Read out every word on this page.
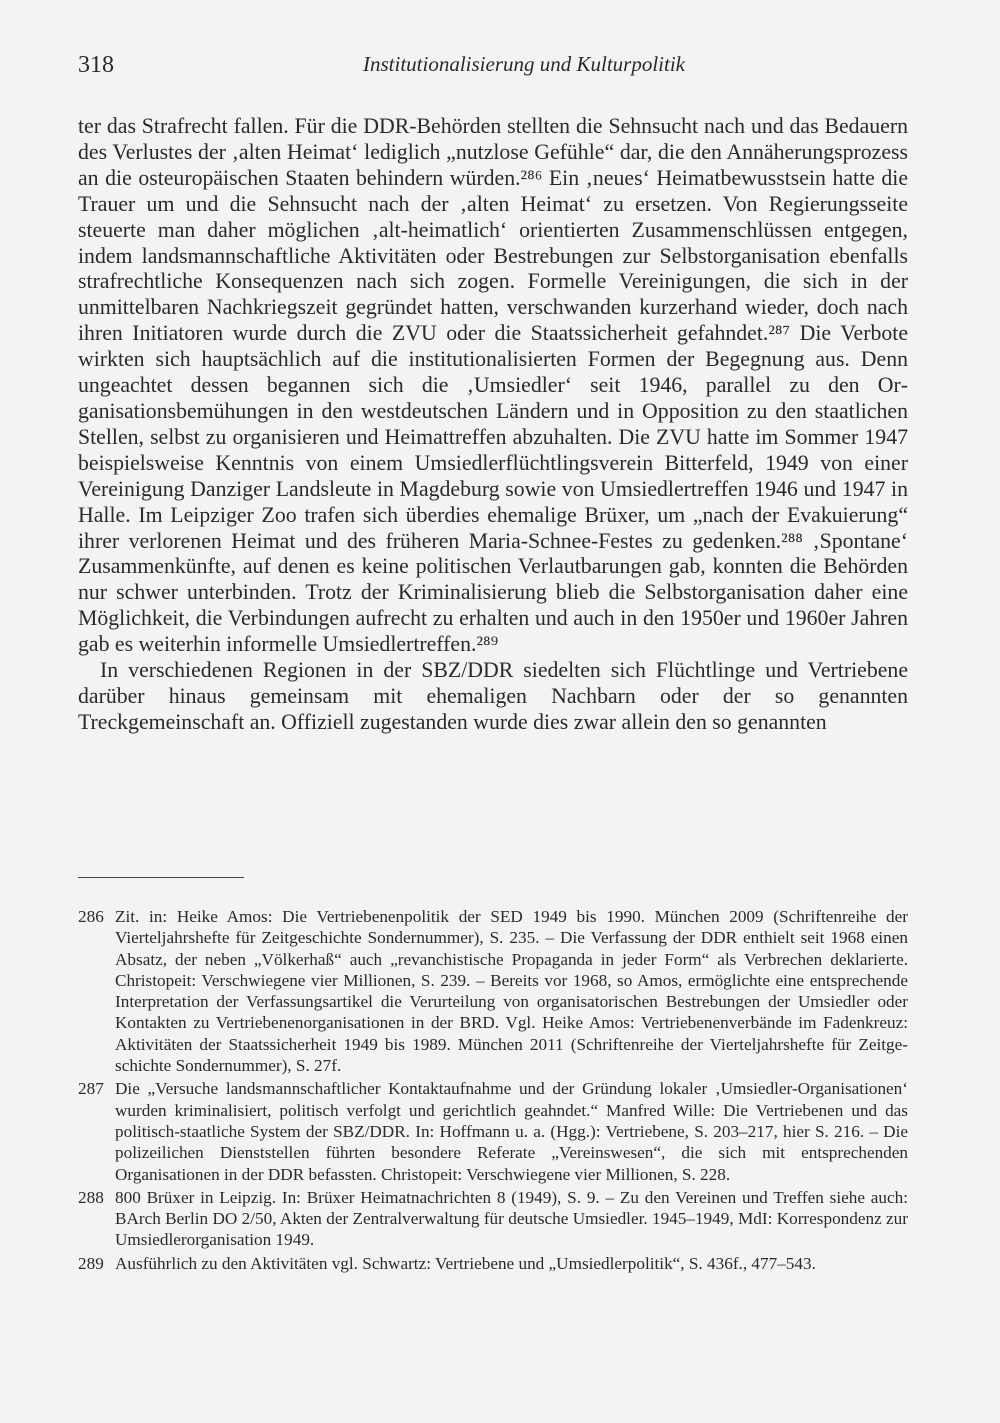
318	Institutionalisierung und Kulturpolitik

ter das Strafrecht fallen. Für die DDR-Behörden stellten die Sehnsucht nach und das Bedauern des Verlustes der ‚alten Heimat‘ lediglich „nutzlose Gefühle“ dar, die den Annäherungsprozess an die osteuropäischen Staaten behindern würden.²⁸⁶ Ein ‚neues‘ Heimatbewusstsein hatte die Trauer um und die Sehnsucht nach der ‚alten Heimat‘ zu ersetzen. Von Regierungsseite steuerte man daher möglichen ‚alt-heimatlich‘ orientierten Zusammenschlüssen entgegen, indem landsmannschaftliche Aktivitäten oder Bestrebungen zur Selbstorganisation ebenfalls strafrechtliche Konsequenzen nach sich zogen. Formelle Vereinigungen, die sich in der unmittelbaren Nachkriegszeit gegründet hatten, verschwanden kurzerhand wieder, doch nach ihren Initiatoren wurde durch die ZVU oder die Staatssicherheit gefahndet.²⁸⁷ Die Verbote wirkten sich hauptsächlich auf die institutionalisierten Formen der Begegnung aus. Denn ungeachtet dessen begannen sich die ‚Umsiedler‘ seit 1946, parallel zu den Organisationsbemühungen in den westdeutschen Ländern und in Opposition zu den staatlichen Stellen, selbst zu organisieren und Heimattreffen abzuhalten. Die ZVU hatte im Sommer 1947 beispielsweise Kenntnis von einem Umsiedlerflüchtlingsverein Bitterfeld, 1949 von einer Vereinigung Danziger Landsleute in Magdeburg sowie von Umsiedlertreffen 1946 und 1947 in Halle. Im Leipziger Zoo trafen sich überdies ehemalige Brüxer, um „nach der Evakuierung“ ihrer verlorenen Heimat und des früheren Maria-Schnee-Festes zu gedenken.²⁸⁸ ‚Spontane‘ Zusammenkünfte, auf denen es keine politischen Verlautbarungen gab, konnten die Behörden nur schwer unterbinden. Trotz der Kriminalisierung blieb die Selbstorganisation daher eine Möglichkeit, die Verbindungen aufrecht zu erhalten und auch in den 1950er und 1960er Jahren gab es weiterhin informelle Umsiedlertreffen.²⁸⁹

In verschiedenen Regionen in der SBZ/DDR siedelten sich Flüchtlinge und Vertriebene darüber hinaus gemeinsam mit ehemaligen Nachbarn oder der so genannten Treckgemeinschaft an. Offiziell zugestanden wurde dies zwar allein den so genannten

286 Zit. in: Heike Amos: Die Vertriebenenpolitik der SED 1949 bis 1990. München 2009 (Schriftenreihe der Vierteljahrshefte für Zeitgeschichte Sondernummer), S. 235. – Die Verfassung der DDR enthielt seit 1968 einen Absatz, der neben „Völkerhaß“ auch „revanchistische Propaganda in jeder Form“ als Verbrechen deklarierte. Christopeit: Verschwiegene vier Millionen, S. 239. – Bereits vor 1968, so Amos, ermöglichte eine entsprechende Interpretation der Verfassungsartikel die Verurteilung von organisatorischen Bestrebungen der Umsiedler oder Kontakten zu Vertriebenenorganisationen in der BRD. Vgl. Heike Amos: Vertriebenenverbände im Fadenkreuz: Aktivitäten der Staatssicherheit 1949 bis 1989. München 2011 (Schriftenreihe der Vierteljahrshefte für Zeitgeschichte Sondernummer), S. 27f.
287 Die „Versuche landsmannschaftlicher Kontaktaufnahme und der Gründung lokaler ‚Umsiedler-Organisationen‘ wurden kriminalisiert, politisch verfolgt und gerichtlich geahndet.“ Manfred Wille: Die Vertriebenen und das politisch-staatliche System der SBZ/DDR. In: Hoffmann u. a. (Hgg.): Vertriebene, S. 203–217, hier S. 216. – Die polizeilichen Dienststellen führten besondere Referate „Vereinswesen“, die sich mit entsprechenden Organisationen in der DDR befassten. Christopeit: Verschwiegene vier Millionen, S. 228.
288 800 Brüxer in Leipzig. In: Brüxer Heimatnachrichten 8 (1949), S. 9. – Zu den Vereinen und Treffen siehe auch: BArch Berlin DO 2/50, Akten der Zentralverwaltung für deutsche Umsiedler. 1945–1949, MdI: Korrespondenz zur Umsiedlerorganisation 1949.
289 Ausführlich zu den Aktivitäten vgl. Schwartz: Vertriebene und „Umsiedlerpolitik“, S. 436f., 477–543.
